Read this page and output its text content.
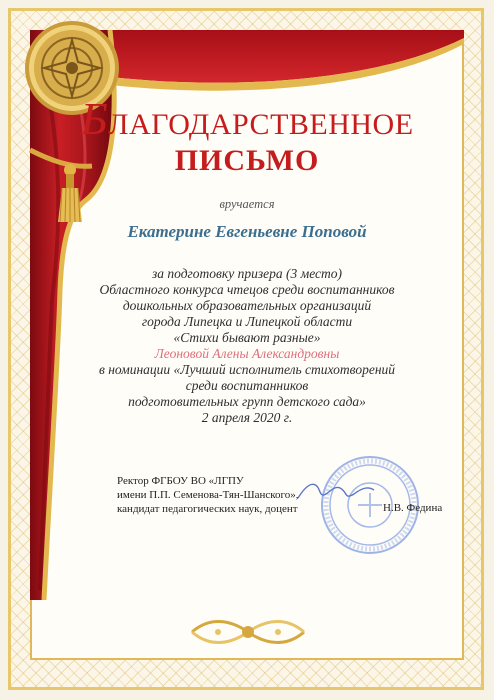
БЛАГОДАРСТВЕННОЕ
ПИСЬМО
вручается
Екатерине Евгеньевне Поповой
за подготовку призера (3 место)
Областного конкурса чтецов среди воспитанников
дошкольных образовательных организаций
города Липецка и Липецкой области
«Стихи бывают разные»
Леоновой Алены Александровны
в номинации «Лучший исполнитель стихотворений
среди воспитанников
подготовительных групп детского сада»
2 апреля 2020 г.
Ректор ФГБОУ ВО «ЛГПУ
имени П.П. Семенова-Тян-Шанского»,
кандидат педагогических наук, доцент	Н.В. Федина
